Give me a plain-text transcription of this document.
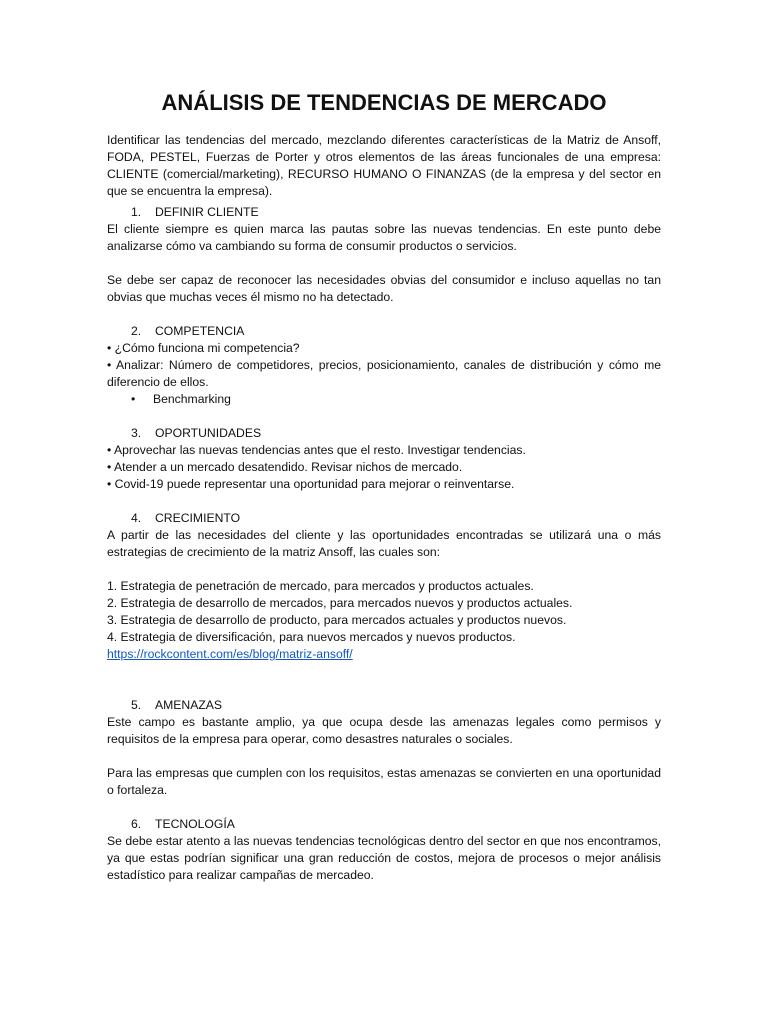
ANÁLISIS DE TENDENCIAS DE MERCADO

Identificar las tendencias del mercado, mezclando diferentes características de la Matriz de Ansoff, FODA, PESTEL, Fuerzas de Porter y otros elementos de las áreas funcionales de una empresa: CLIENTE (comercial/marketing), RECURSO HUMANO O FINANZAS (de la empresa y del sector en que se encuentra la empresa).

1. DEFINIR CLIENTE

El cliente siempre es quien marca las pautas sobre las nuevas tendencias. En este punto debe analizarse cómo va cambiando su forma de consumir productos o servicios.

Se debe ser capaz de reconocer las necesidades obvias del consumidor e incluso aquellas no tan obvias que muchas veces él mismo no ha detectado.

2. COMPETENCIA

• ¿Cómo funciona mi competencia?

• Analizar: Número de competidores, precios, posicionamiento, canales de distribución y cómo me diferencio de ellos.

• Benchmarking
3. OPORTUNIDADES

• Aprovechar las nuevas tendencias antes que el resto. Investigar tendencias.

• Atender a un mercado desatendido. Revisar nichos de mercado.

• Covid-19 puede representar una oportunidad para mejorar o reinventarse.

4. CRECIMIENTO

A partir de las necesidades del cliente y las oportunidades encontradas se utilizará una o más estrategias de crecimiento de la matriz Ansoff, las cuales son:

1. Estrategia de penetración de mercado, para mercados y productos actuales.

2. Estrategia de desarrollo de mercados, para mercados nuevos y productos actuales.

3. Estrategia de desarrollo de producto, para mercados actuales y productos nuevos.

4. Estrategia de diversificación, para nuevos mercados y nuevos productos.

https://rockcontent.com/es/blog/matriz-ansoff/

5. AMENAZAS

Este campo es bastante amplio, ya que ocupa desde las amenazas legales como permisos y requisitos de la empresa para operar, como desastres naturales o sociales.

Para las empresas que cumplen con los requisitos, estas amenazas se convierten en una oportunidad o fortaleza.

6. TECNOLOGÍA

Se debe estar atento a las nuevas tendencias tecnológicas dentro del sector en que nos encontramos, ya que estas podrían significar una gran reducción de costos, mejora de procesos o mejor análisis estadístico para realizar campañas de mercadeo.
